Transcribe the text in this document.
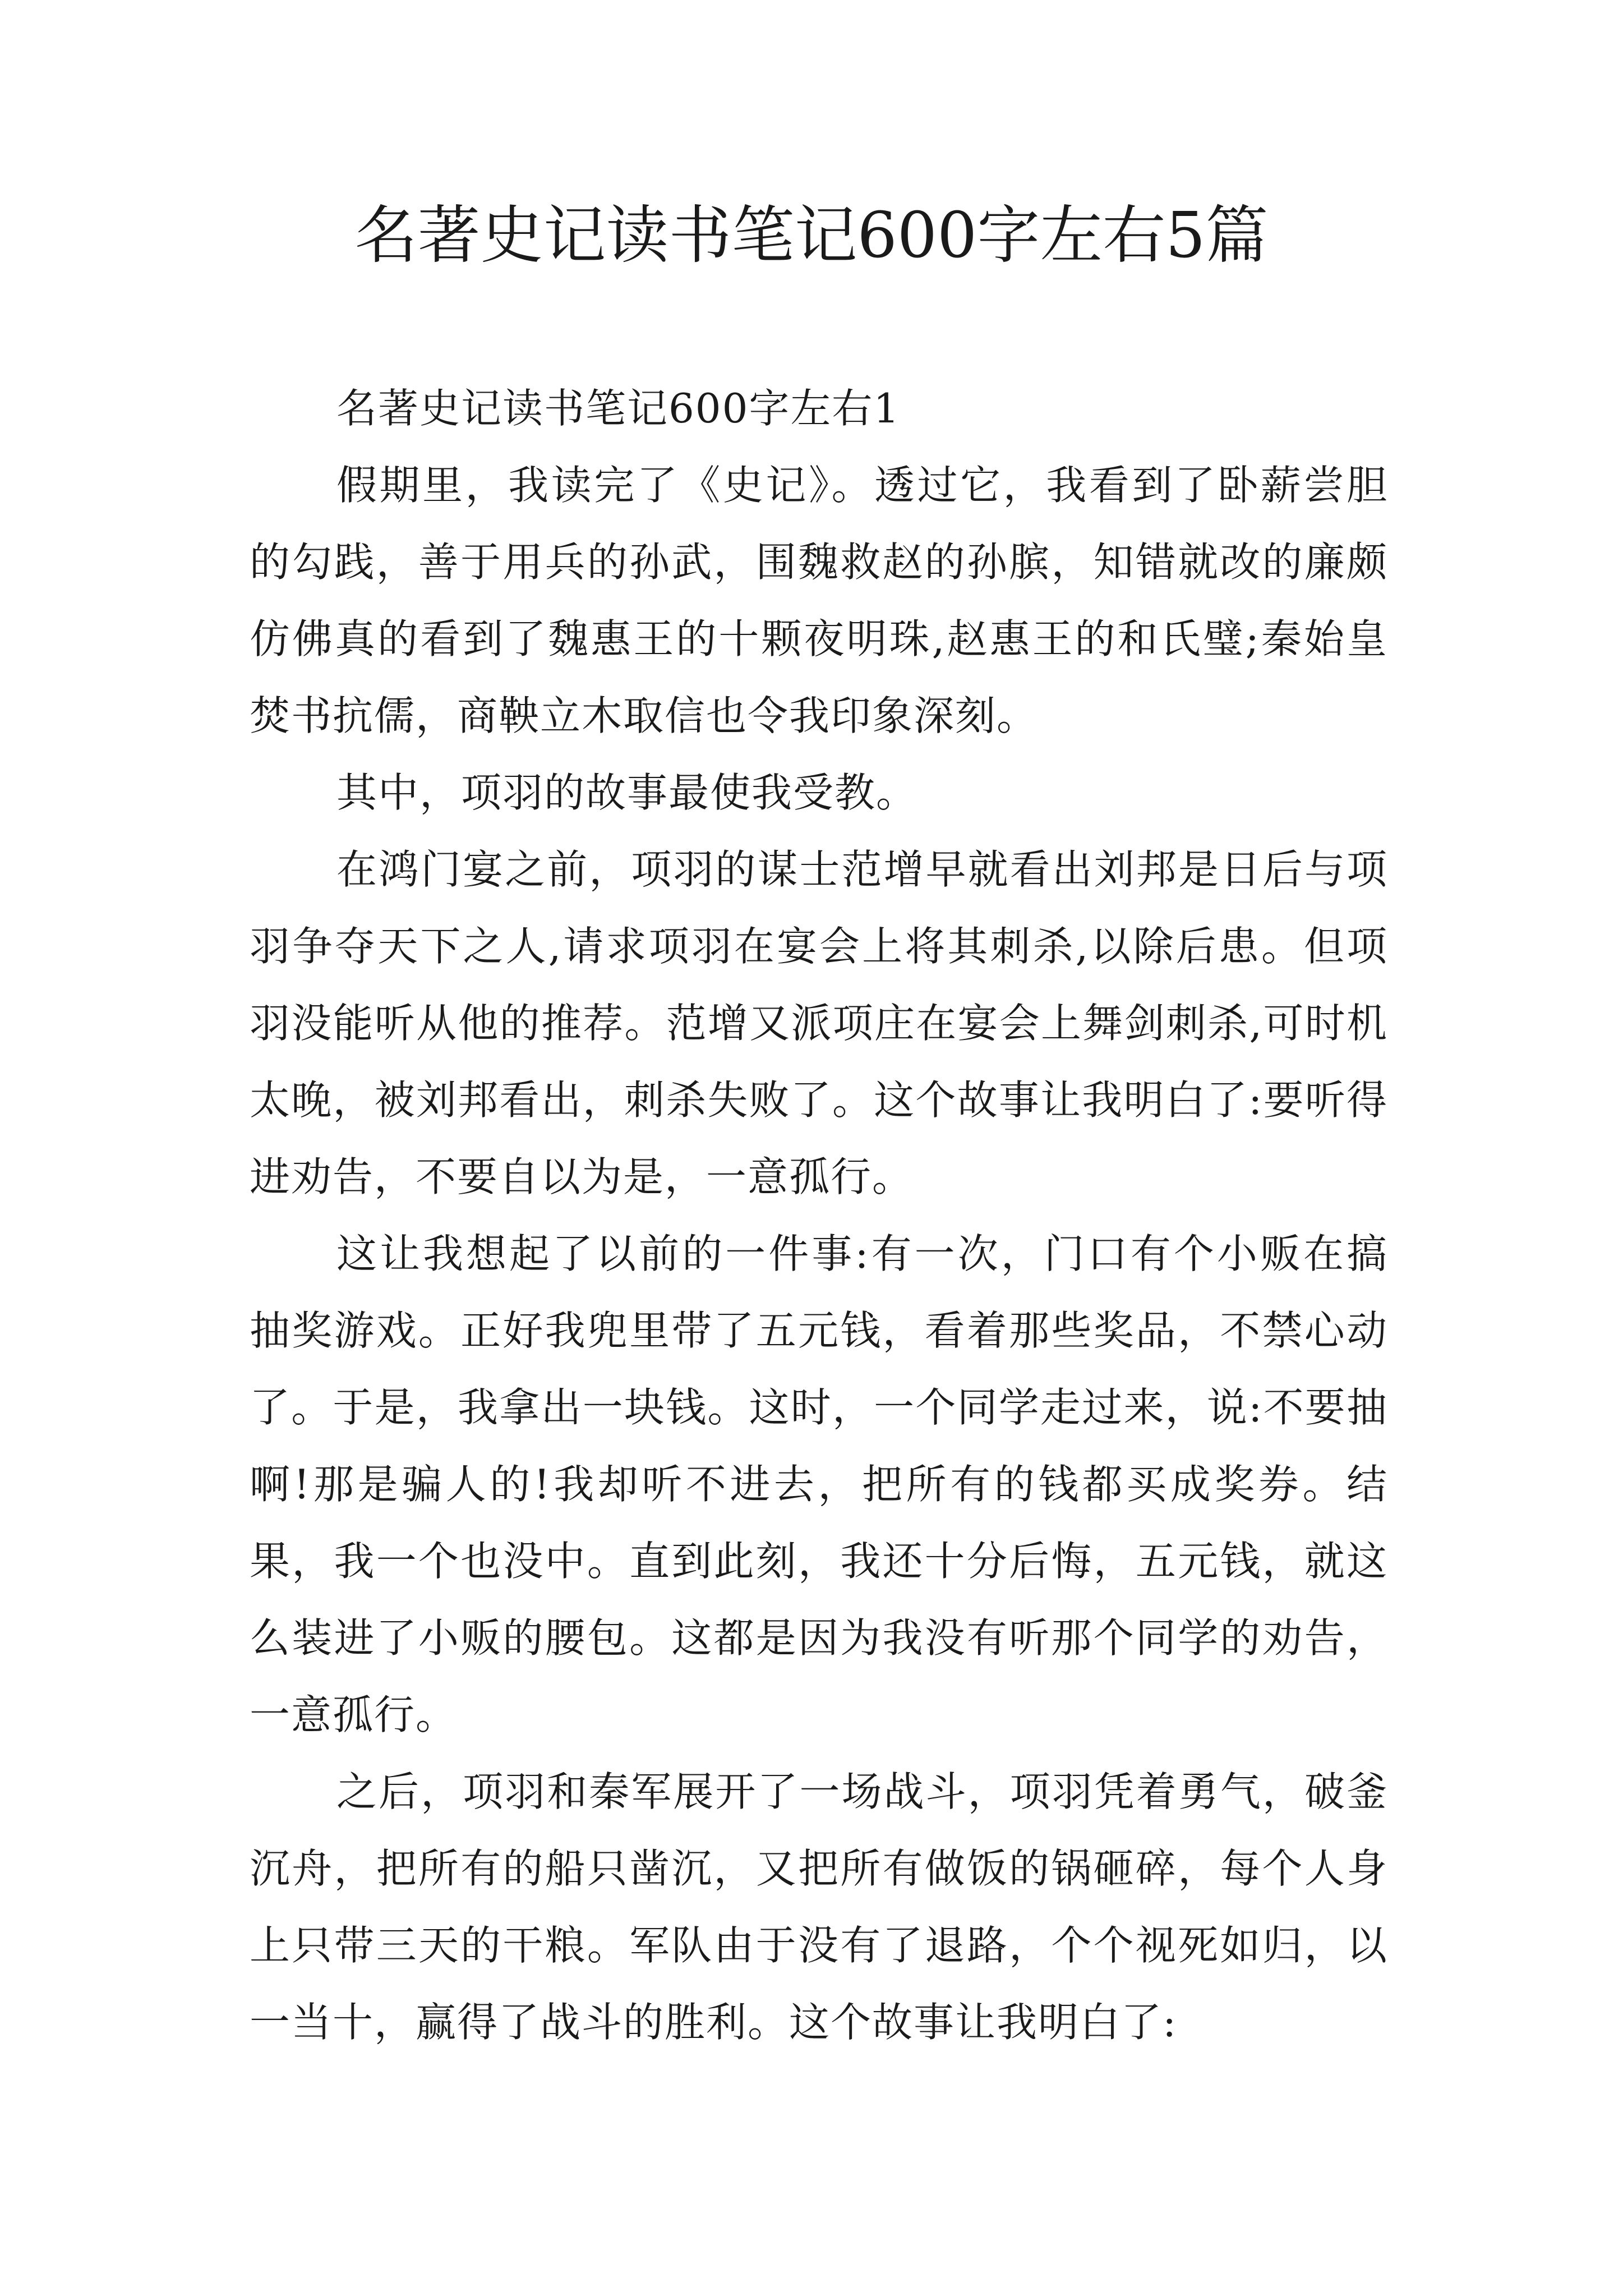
名著史记读书笔记600字左右5篇

名著史记读书笔记600字左右1

假期里，我读完了《史记》。透过它，我看到了卧薪尝胆的勾践，善于用兵的孙武，围魏救赵的孙膑，知错就改的廉颇仿佛真的看到了魏惠王的十颗夜明珠,赵惠王的和氏璧;秦始皇焚书抗儒，商鞅立木取信也令我印象深刻。

其中，项羽的故事最使我受教。

在鸿门宴之前，项羽的谋士范增早就看出刘邦是日后与项羽争夺天下之人,请求项羽在宴会上将其刺杀,以除后患。但项羽没能听从他的推荐。范增又派项庄在宴会上舞剑刺杀,可时机太晚，被刘邦看出，刺杀失败了。这个故事让我明白了:要听得进劝告，不要自以为是，一意孤行。

这让我想起了以前的一件事:有一次，门口有个小贩在搞抽奖游戏。正好我兜里带了五元钱，看着那些奖品，不禁心动了。于是，我拿出一块钱。这时，一个同学走过来，说:不要抽啊!那是骗人的!我却听不进去，把所有的钱都买成奖券。结果，我一个也没中。直到此刻，我还十分后悔，五元钱，就这么装进了小贩的腰包。这都是因为我没有听那个同学的劝告，一意孤行。

之后，项羽和秦军展开了一场战斗，项羽凭着勇气，破釜沉舟，把所有的船只凿沉，又把所有做饭的锅砸碎，每个人身上只带三天的干粮。军队由于没有了退路，个个视死如归，以一当十，赢得了战斗的胜利。这个故事让我明白了:
